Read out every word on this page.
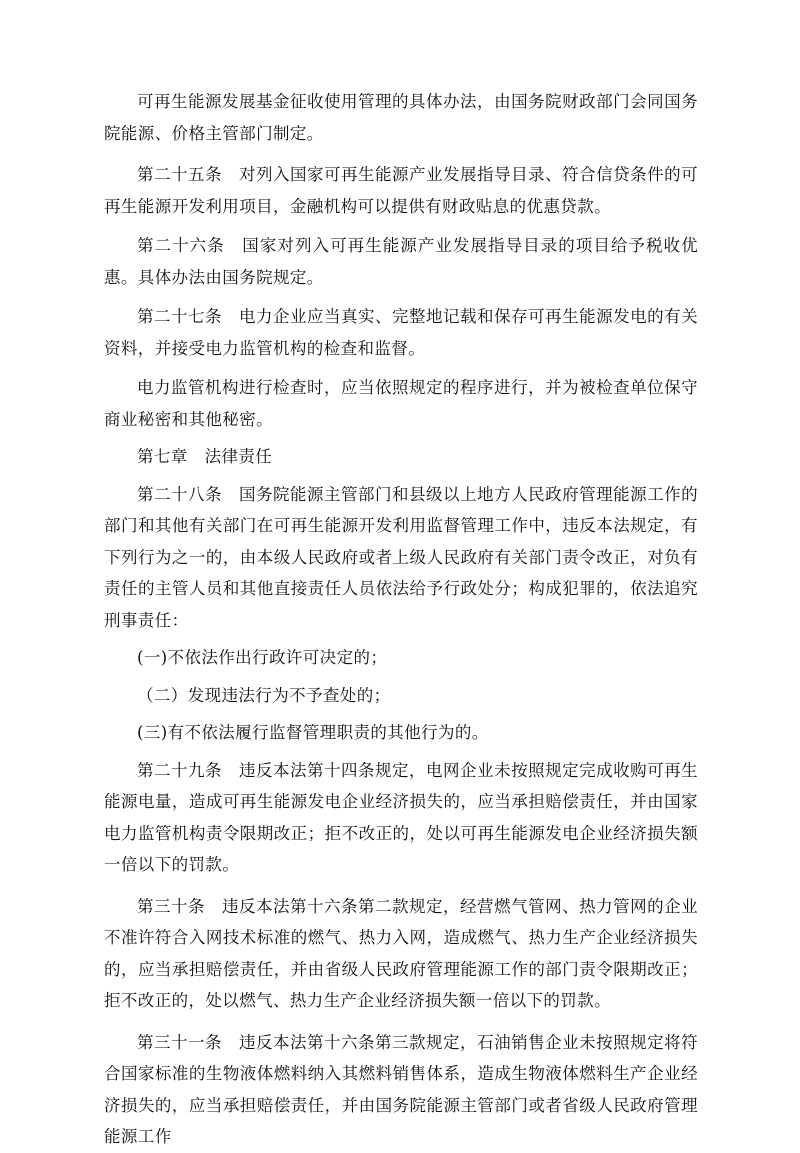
可再生能源发展基金征收使用管理的具体办法，由国务院财政部门会同国务院能源、价格主管部门制定。

第二十五条　对列入国家可再生能源产业发展指导目录、符合信贷条件的可再生能源开发利用项目，金融机构可以提供有财政贴息的优惠贷款。

第二十六条　国家对列入可再生能源产业发展指导目录的项目给予税收优惠。具体办法由国务院规定。

第二十七条　电力企业应当真实、完整地记载和保存可再生能源发电的有关资料，并接受电力监管机构的检查和监督。

电力监管机构进行检查时，应当依照规定的程序进行，并为被检查单位保守商业秘密和其他秘密。

第七章　法律责任

第二十八条　国务院能源主管部门和县级以上地方人民政府管理能源工作的部门和其他有关部门在可再生能源开发利用监督管理工作中，违反本法规定，有下列行为之一的，由本级人民政府或者上级人民政府有关部门责令改正，对负有责任的主管人员和其他直接责任人员依法给予行政处分；构成犯罪的，依法追究刑事责任：

(一)不依法作出行政许可决定的；

（二）发现违法行为不予查处的；

(三)有不依法履行监督管理职责的其他行为的。

第二十九条　违反本法第十四条规定，电网企业未按照规定完成收购可再生能源电量，造成可再生能源发电企业经济损失的，应当承担赔偿责任，并由国家电力监管机构责令限期改正；拒不改正的，处以可再生能源发电企业经济损失额一倍以下的罚款。

第三十条　违反本法第十六条第二款规定，经营燃气管网、热力管网的企业不准许符合入网技术标准的燃气、热力入网，造成燃气、热力生产企业经济损失的，应当承担赔偿责任，并由省级人民政府管理能源工作的部门责令限期改正；拒不改正的，处以燃气、热力生产企业经济损失额一倍以下的罚款。

第三十一条　违反本法第十六条第三款规定，石油销售企业未按照规定将符合国家标准的生物液体燃料纳入其燃料销售体系，造成生物液体燃料生产企业经济损失的，应当承担赔偿责任，并由国务院能源主管部门或者省级人民政府管理能源工作
